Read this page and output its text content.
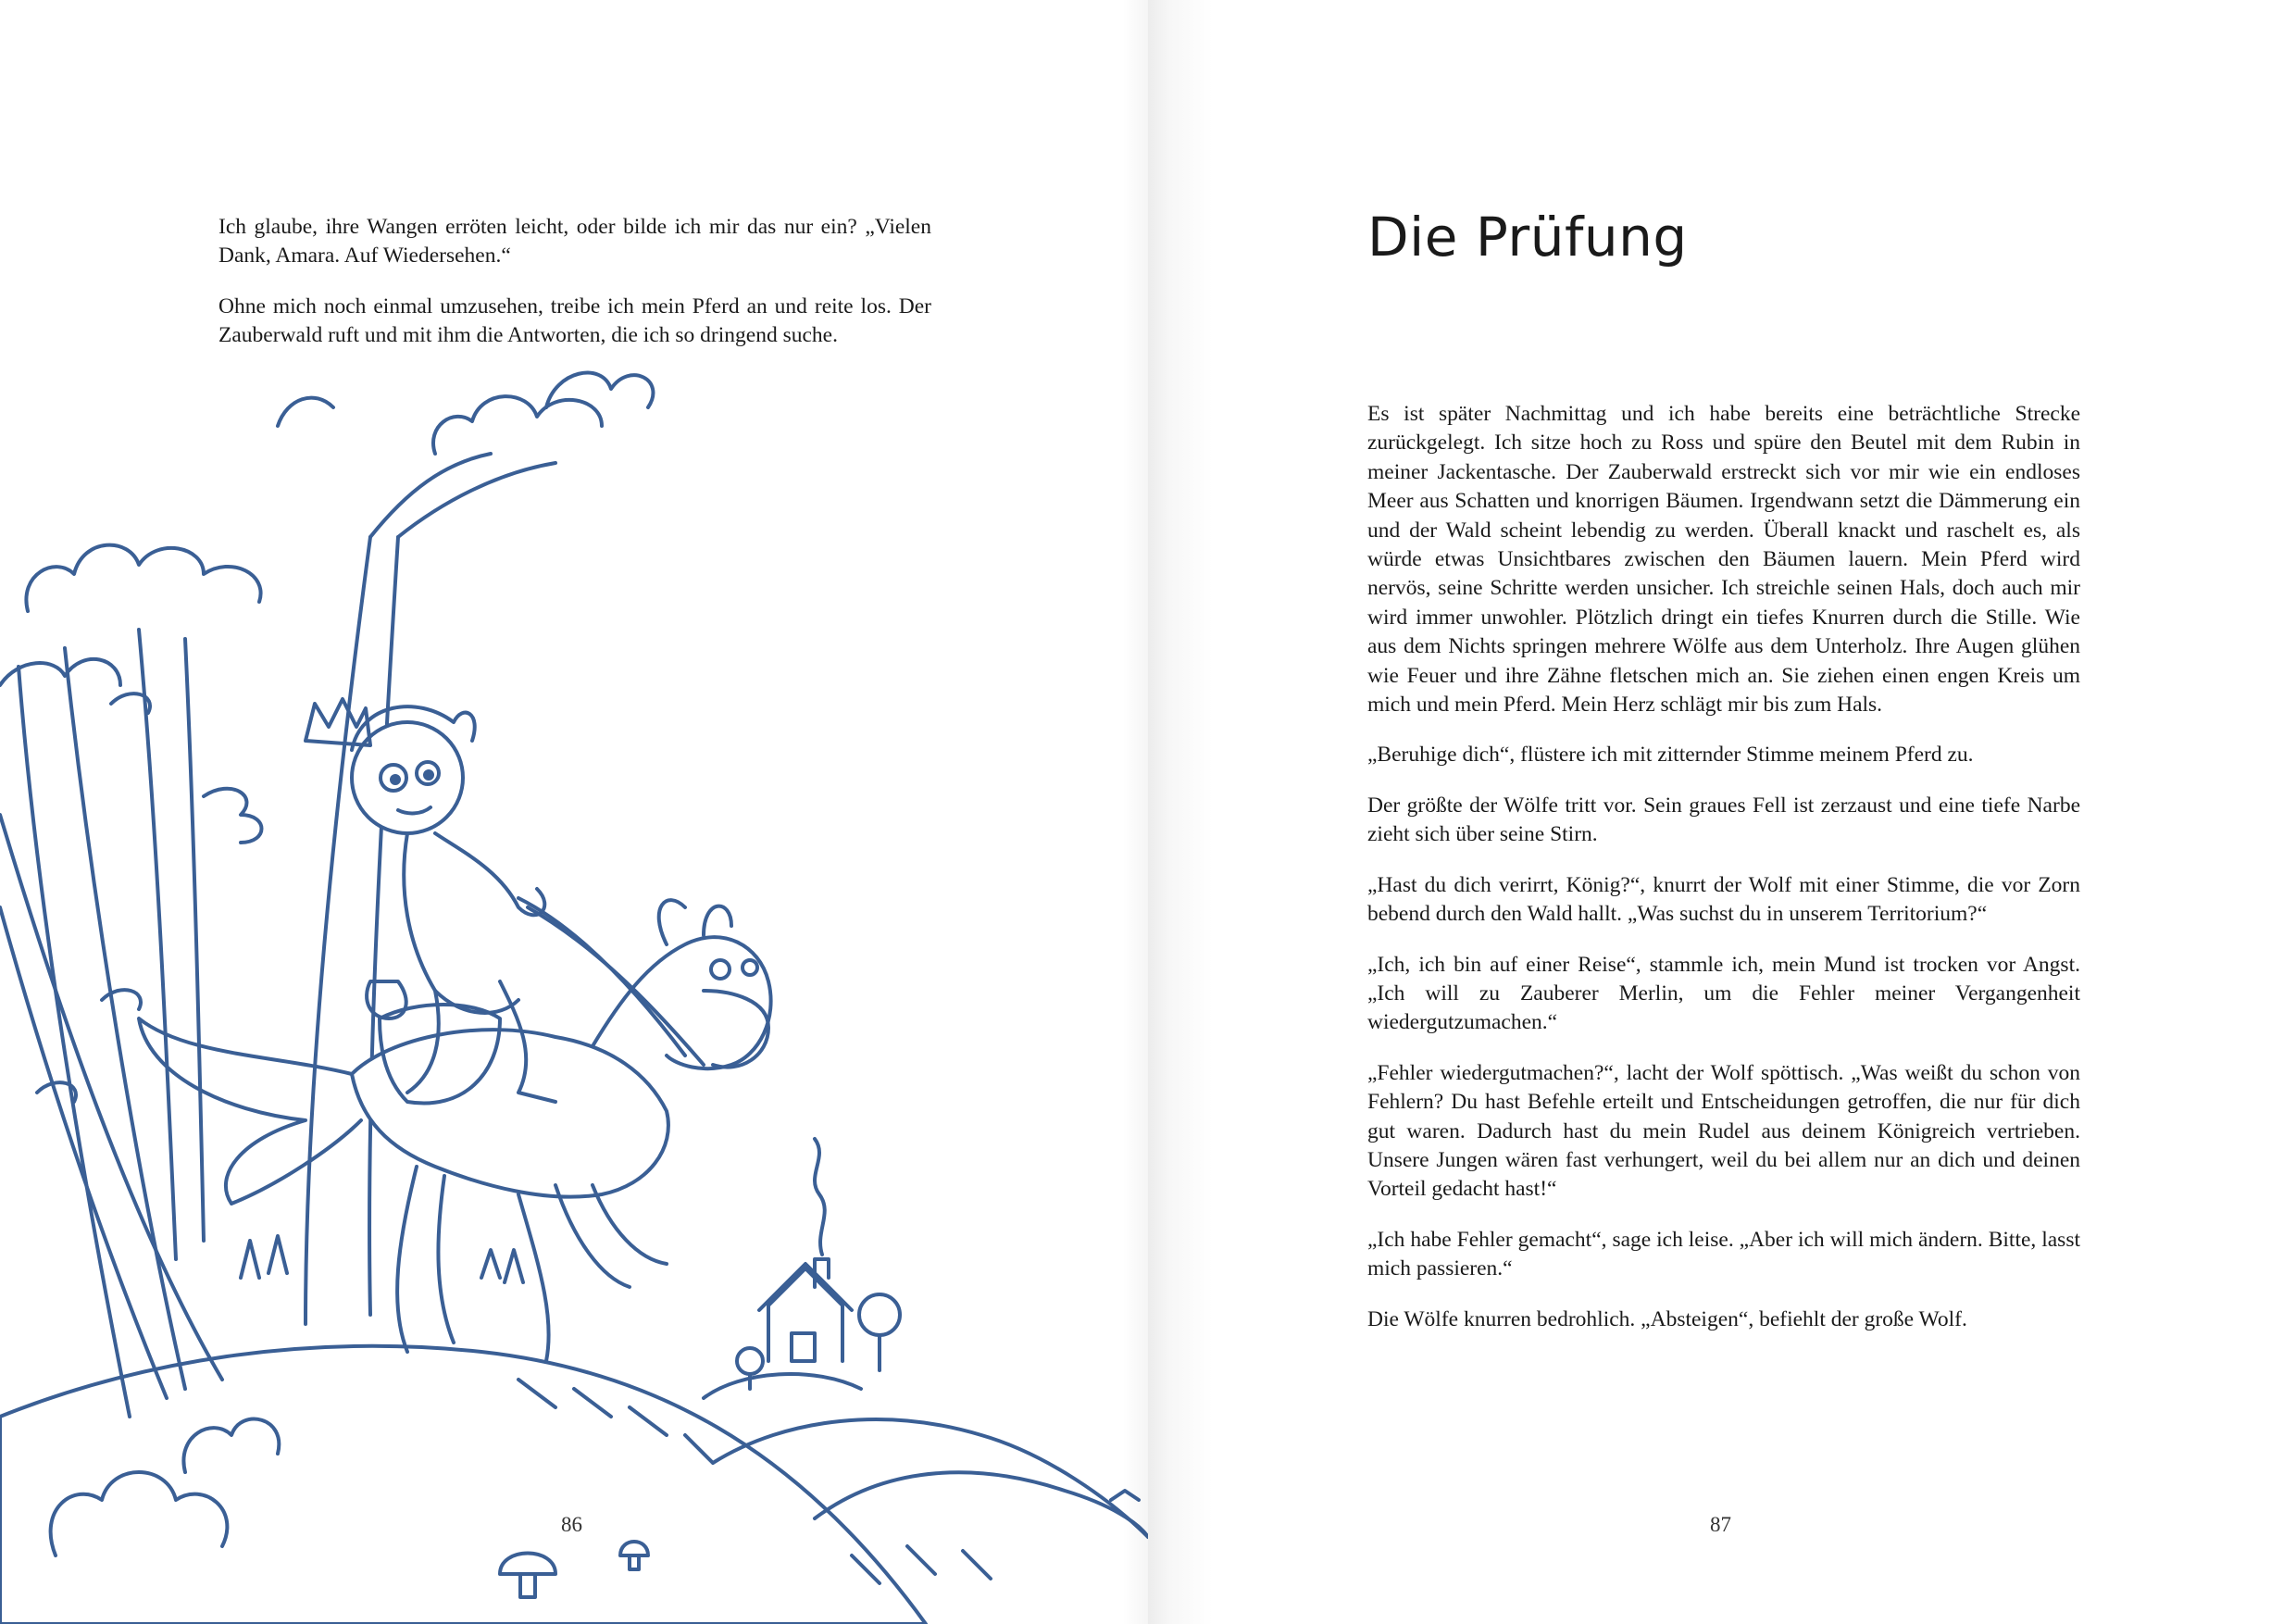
Ich glaube, ihre Wangen erröten leicht, oder bilde ich mir das nur ein? „Vielen Dank, Amara. Auf Wiedersehen.“

Ohne mich noch einmal umzusehen, treibe ich mein Pferd an und reite los. Der Zauberwald ruft und mit ihm die Antworten, die ich so dringend suche.

86
Die Prüfung

Es ist später Nachmittag und ich habe bereits eine beträchtliche Strecke zurückgelegt. Ich sitze hoch zu Ross und spüre den Beutel mit dem Rubin in meiner Jackentasche. Der Zauberwald erstreckt sich vor mir wie ein endloses Meer aus Schatten und knorrigen Bäumen. Irgendwann setzt die Dämmerung ein und der Wald scheint lebendig zu werden. Überall knackt und raschelt es, als würde etwas Unsichtbares zwischen den Bäumen lauern. Mein Pferd wird nervös, seine Schritte werden unsicher. Ich streichle seinen Hals, doch auch mir wird immer unwohler. Plötzlich dringt ein tiefes Knurren durch die Stille. Wie aus dem Nichts springen mehrere Wölfe aus dem Unterholz. Ihre Augen glühen wie Feuer und ihre Zähne fletschen mich an. Sie ziehen einen engen Kreis um mich und mein Pferd. Mein Herz schlägt mir bis zum Hals.

„Beruhige dich“, flüstere ich mit zitternder Stimme meinem Pferd zu.

Der größte der Wölfe tritt vor. Sein graues Fell ist zerzaust und eine tiefe Narbe zieht sich über seine Stirn.

„Hast du dich verirrt, König?“, knurrt der Wolf mit einer Stimme, die vor Zorn bebend durch den Wald hallt. „Was suchst du in unserem Territorium?“

„Ich, ich bin auf einer Reise“, stammle ich, mein Mund ist trocken vor Angst. „Ich will zu Zauberer Merlin, um die Fehler meiner Vergangenheit wiedergutzumachen.“

„Fehler wiedergutmachen?“, lacht der Wolf spöttisch. „Was weißt du schon von Fehlern? Du hast Befehle erteilt und Entscheidungen getroffen, die nur für dich gut waren. Dadurch hast du mein Rudel aus deinem Königreich vertrieben. Unsere Jungen wären fast verhungert, weil du bei allem nur an dich und deinen Vorteil gedacht hast!“

„Ich habe Fehler gemacht“, sage ich leise. „Aber ich will mich ändern. Bitte, lasst mich passieren.“

Die Wölfe knurren bedrohlich. „Absteigen“, befiehlt der große Wolf.

87
